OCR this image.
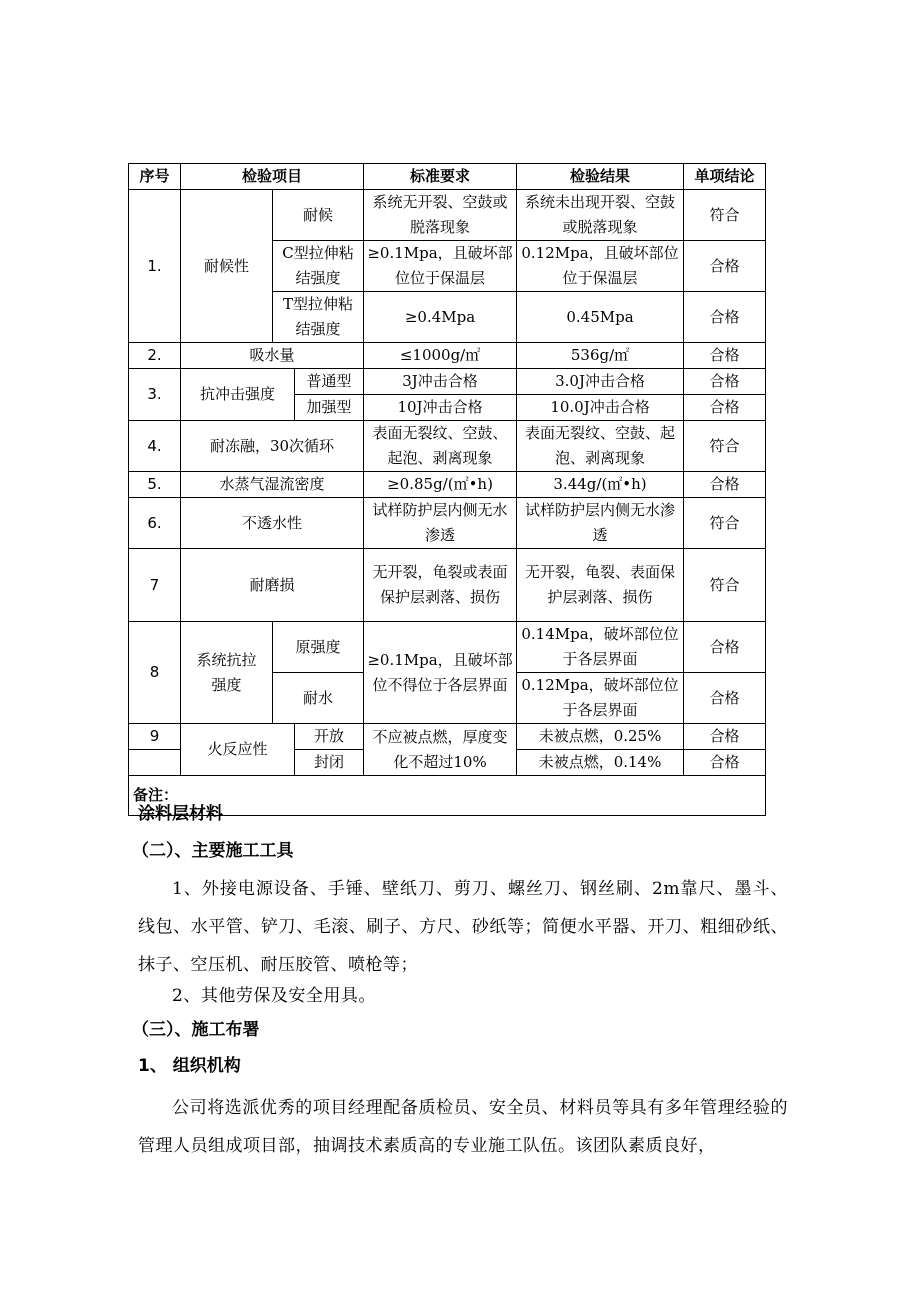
序号	检验项目			标准要求	检验结果	单项结论
1.	耐候性	耐候		系统无开裂、空鼓或脱落现象	系统未出现开裂、空鼓或脱落现象	符合
		C型拉伸粘结强度		≥0.1Mpa，且破坏部位位于保温层	0.12Mpa，且破坏部位位于保温层	合格
		T型拉伸粘结强度		≥0.4Mpa	0.45Mpa	合格
2.	吸水量			≤1000g/㎡	536g/㎡	合格
3.	抗冲击强度		普通型	3J冲击合格	3.0J冲击合格	合格
			加强型	10J冲击合格	10.0J冲击合格	合格
4.	耐冻融，30次循环			表面无裂纹、空鼓、起泡、剥离现象	表面无裂纹、空鼓、起泡、剥离现象	符合
5.	水蒸气湿流密度			≥0.85g/(㎡•h)	3.44g/(㎡•h)	合格
6.	不透水性			试样防护层内侧无水渗透	试样防护层内侧无水渗透	符合
7	耐磨损			无开裂，龟裂或表面保护层剥落、损伤	无开裂，龟裂、表面保护层剥落、损伤	符合
8	系统抗拉强度	原强度		≥0.1Mpa，且破坏部位不得位于各层界面	0.14Mpa，破坏部位位于各层界面	合格
		耐水			0.12Mpa，破坏部位位于各层界面	合格
9	火反应性		开放	不应被点燃，厚度变化不超过10%	未被点燃，0.25%	合格
			封闭		未被点燃，0.14%	合格
备注：						
涂料层材料
（二）、主要施工工具
1、外接电源设备、手锤、壁纸刀、剪刀、螺丝刀、钢丝刷、2m靠尺、墨斗、线包、水平管、铲刀、毛滚、刷子、方尺、砂纸等；简便水平器、开刀、粗细砂纸、抹子、空压机、耐压胶管、喷枪等；
2、其他劳保及安全用具。
（三）、施工布署
1、 组织机构
公司将选派优秀的项目经理配备质检员、安全员、材料员等具有多年管理经验的管理人员组成项目部，抽调技术素质高的专业施工队伍。该团队素质良好，
